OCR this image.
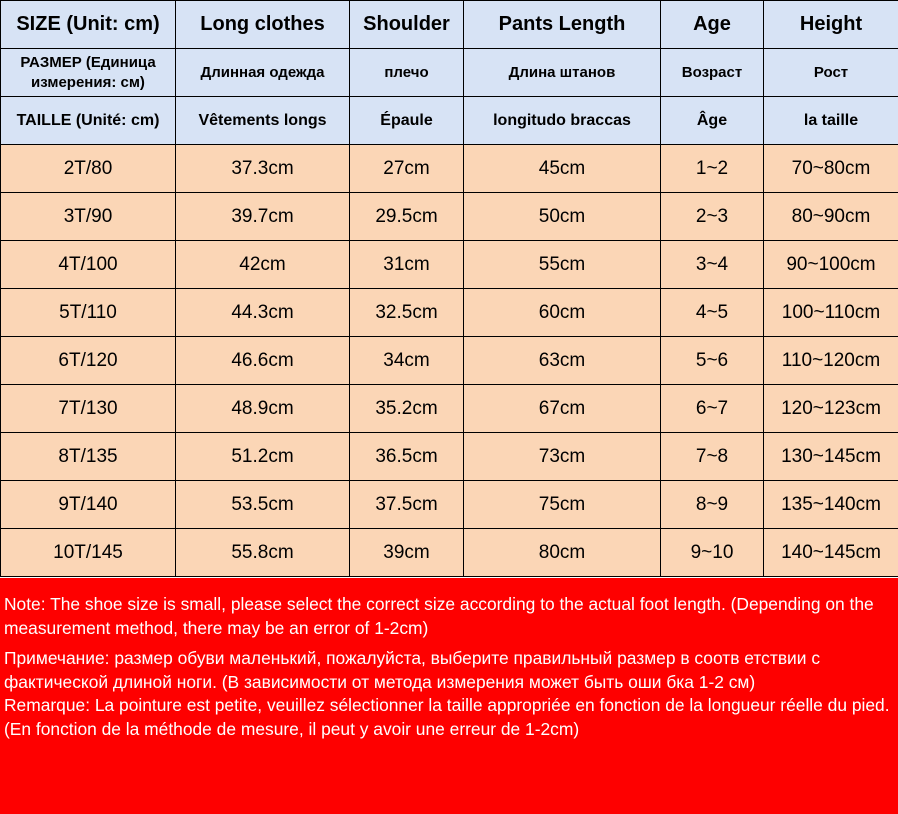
SIZE (Unit: cm)	Long clothes	Shoulder	Pants Length	Age	Height
РАЗМЕР (Единица измерения: см)	Длинная одежда	плечо	Длина штанов	Возраст	Рост
TAILLE (Unité: cm)	Vêtements longs	Épaule	longitudo braccas	Âge	la taille
2T/80	37.3cm	27cm	45cm	1~2	70~80cm
3T/90	39.7cm	29.5cm	50cm	2~3	80~90cm
4T/100	42cm	31cm	55cm	3~4	90~100cm
5T/110	44.3cm	32.5cm	60cm	4~5	100~110cm
6T/120	46.6cm	34cm	63cm	5~6	110~120cm
7T/130	48.9cm	35.2cm	67cm	6~7	120~123cm
8T/135	51.2cm	36.5cm	73cm	7~8	130~145cm
9T/140	53.5cm	37.5cm	75cm	8~9	135~140cm
10T/145	55.8cm	39cm	80cm	9~10	140~145cm

Note: The shoe size is small, please select the correct size according to the actual foot length. (Depending on the measurement method, there may be an error of 1-2cm)

Примечание: размер обуви маленький, пожалуйста, выберите правильный размер в соотв етствии с фактической длиной ноги. (В зависимости от метода измерения может быть оши бка 1-2 см)

Remarque: La pointure est petite, veuillez sélectionner la taille appropriée en fonction de la longueur réelle du pied. (En fonction de la méthode de mesure, il peut y avoir une erreur de 1-2cm)
